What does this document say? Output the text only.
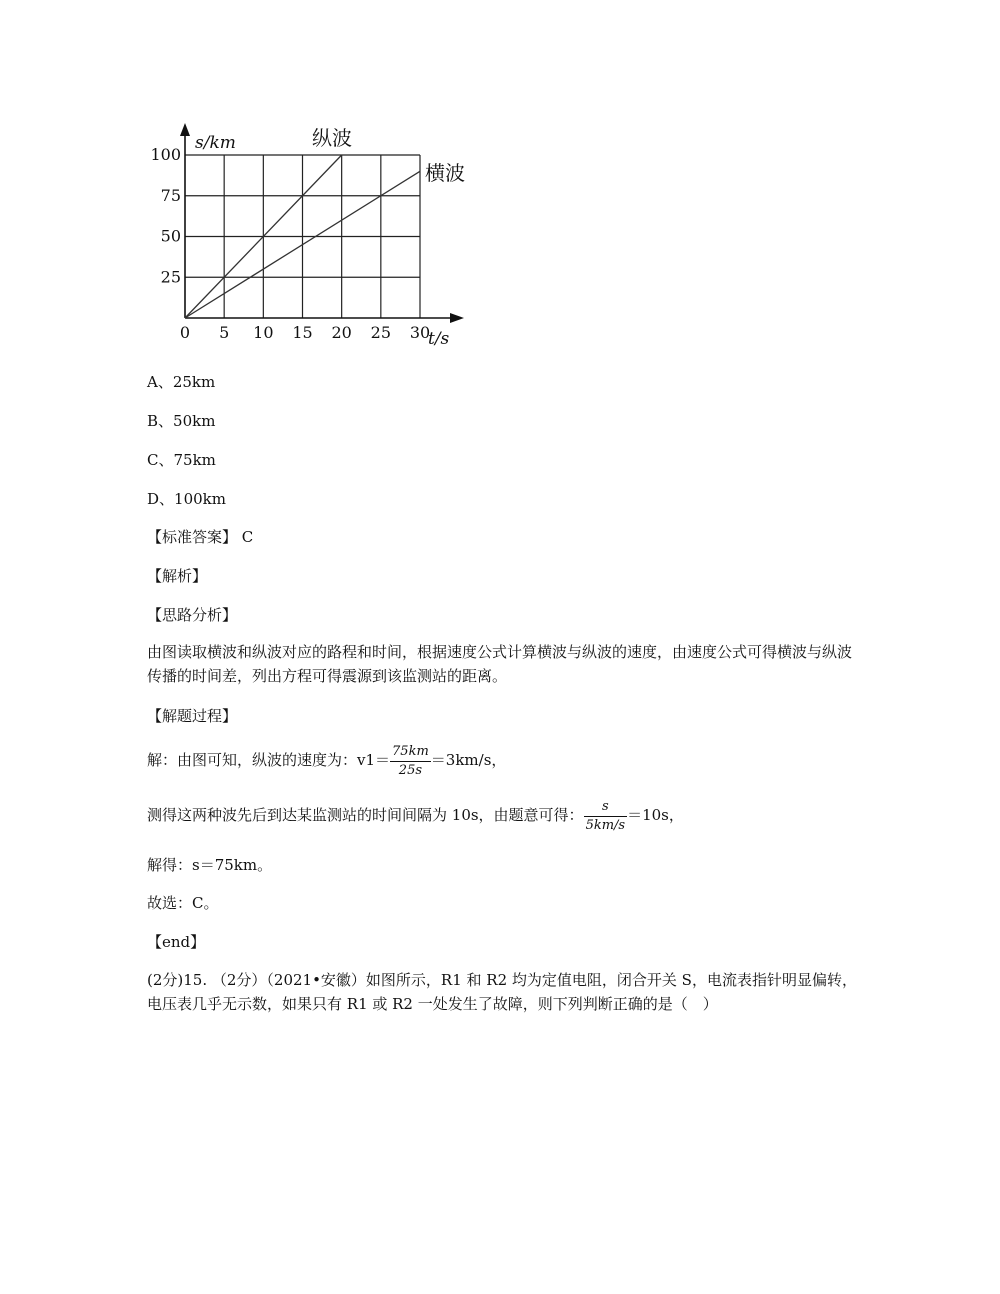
0 5 10 15 20 25 30
25
50
75
100
s/km
t/s
纵波
横波
A、25km
B、50km
C、75km
D、100km
【标准答案】 C
【解析】
【思路分析】
由图读取横波和纵波对应的路程和时间，根据速度公式计算横波与纵波的速度，由速度公式可得横波与纵波传播的时间差，列出方程可得震源到该监测站的距离。
【解题过程】
解：由图可知，纵波的速度为：$v1= \frac{75km}{25s} =3km/s$，
测得这两种波先后到达某监测站的时间间隔为 10s，由题意可得： $\frac{s}{5km/s} =10s$，
解得：s＝75km。
故选：C。
【end】
(2分)15. （2分）（2021•安徽）如图所示，R1 和 R2 均为定值电阻，闭合开关 S，电流表指针明显偏转，电压表几乎无示数，如果只有 R1 或 R2 一处发生了故障，则下列判断正确的是（　）
